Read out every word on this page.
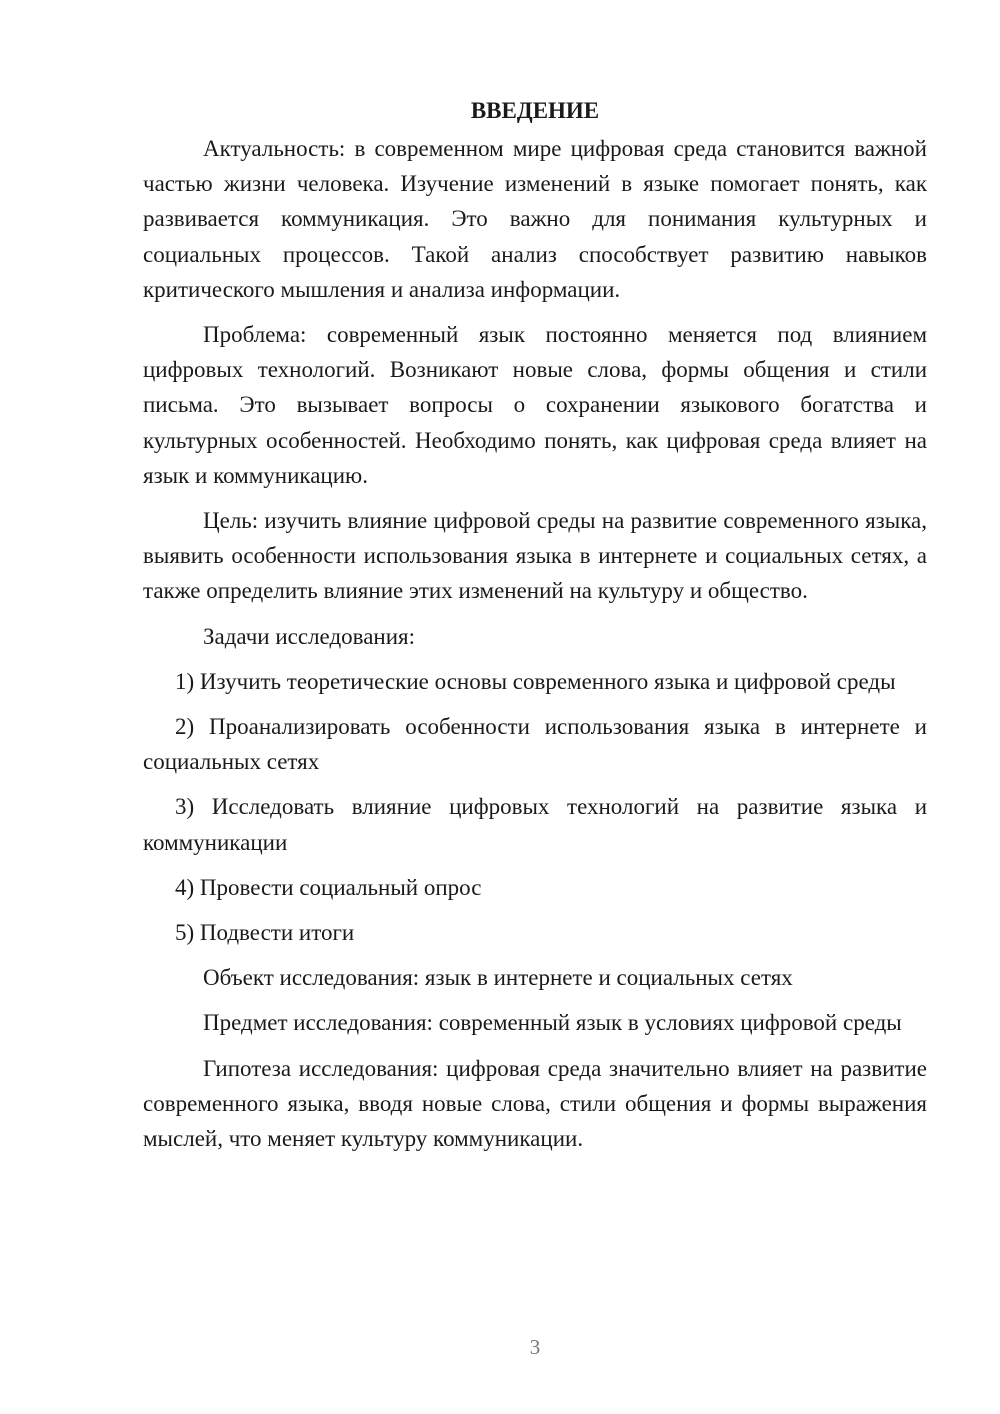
ВВЕДЕНИЕ

Актуальность: в современном мире цифровая среда становится важной частью жизни человека. Изучение изменений в языке помогает понять, как развивается коммуникация. Это важно для понимания культурных и социальных процессов. Такой анализ способствует развитию навыков критического мышления и анализа информации.

Проблема: современный язык постоянно меняется под влиянием цифровых технологий. Возникают новые слова, формы общения и стили письма. Это вызывает вопросы о сохранении языкового богатства и культурных особенностей. Необходимо понять, как цифровая среда влияет на язык и коммуникацию.

Цель: изучить влияние цифровой среды на развитие современного языка, выявить особенности использования языка в интернете и социальных сетях, а также определить влияние этих изменений на культуру и общество.

Задачи исследования:

1) Изучить теоретические основы современного языка и цифровой среды

2) Проанализировать особенности использования языка в интернете и социальных сетях

3) Исследовать влияние цифровых технологий на развитие языка и коммуникации

4) Провести социальный опрос

5) Подвести итоги

Объект исследования: язык в интернете и социальных сетях

Предмет исследования: современный язык в условиях цифровой среды

Гипотеза исследования: цифровая среда значительно влияет на развитие современного языка, вводя новые слова, стили общения и формы выражения мыслей, что меняет культуру коммуникации.

3
